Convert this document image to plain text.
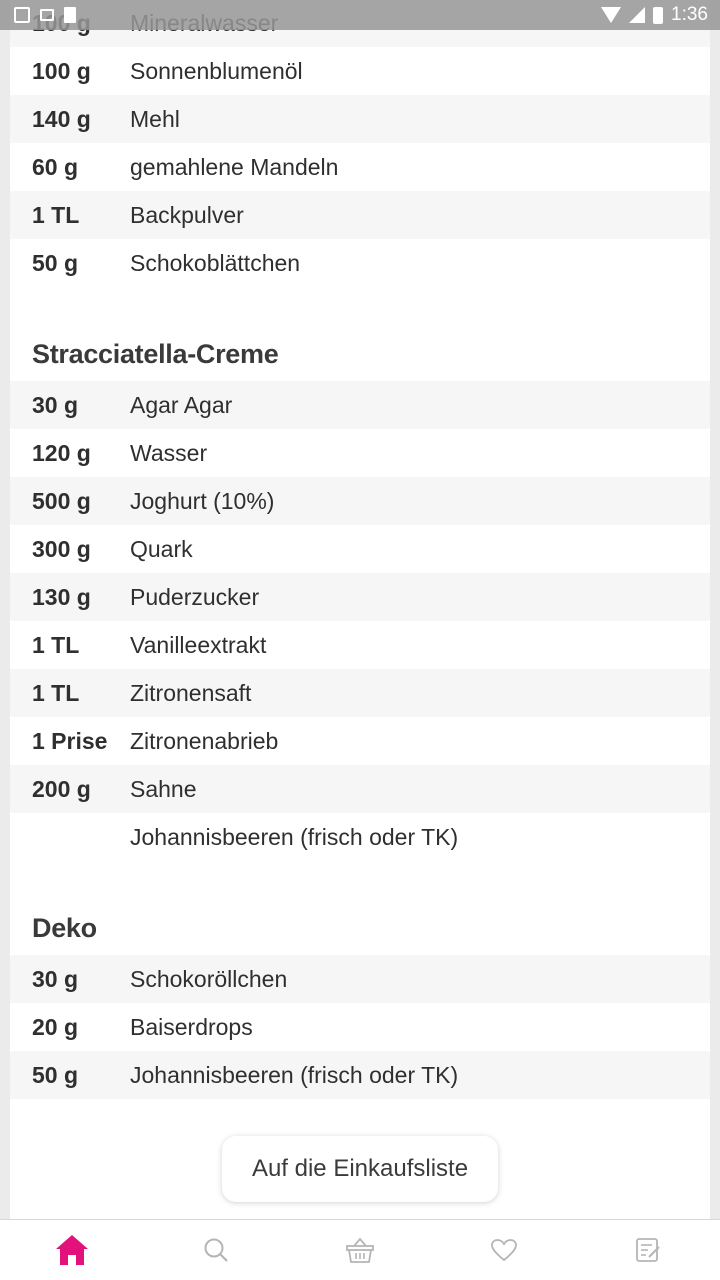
1:36
100 g	Sonnenblumenöl
140 g	Mehl
60 g	gemahlene Mandeln
1 TL	Backpulver
50 g	Schokoblättchen
Stracciatella-Creme
30 g	Agar Agar
120 g	Wasser
500 g	Joghurt (10%)
300 g	Quark
130 g	Puderzucker
1 TL	Vanilleextrakt
1 TL	Zitronensaft
1 Prise Zitronenabrieb
200 g	Sahne
Johannisbeeren (frisch oder TK)
Deko
30 g	Schokoröllchen
20 g	Baiserdrops
50 g	Johannisbeeren (frisch oder TK)
Auf die Einkaufsliste
